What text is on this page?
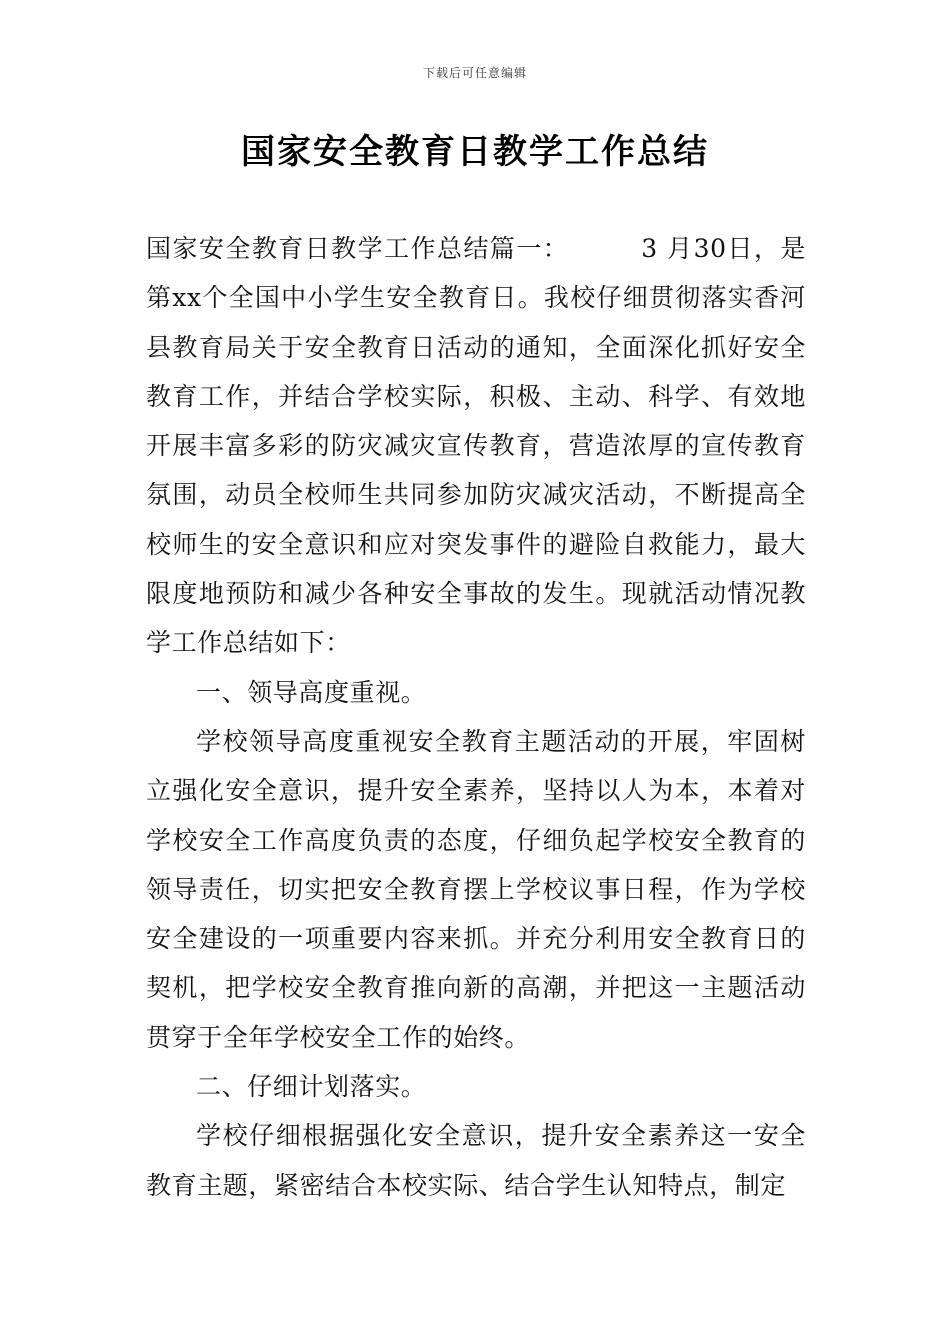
下载后可任意编辑
国家安全教育日教学工作总结

国家安全教育日教学工作总结篇一：	3 月30日，是第xx个全国中小学生安全教育日。我校仔细贯彻落实香河县教育局关于安全教育日活动的通知，全面深化抓好安全教育工作，并结合学校实际，积极、主动、科学、有效地开展丰富多彩的防灾减灾宣传教育，营造浓厚的宣传教育氛围，动员全校师生共同参加防灾减灾活动，不断提高全校师生的安全意识和应对突发事件的避险自救能力，最大限度地预防和减少各种安全事故的发生。现就活动情况教学工作总结如下：

一、领导高度重视。

学校领导高度重视安全教育主题活动的开展，牢固树立强化安全意识，提升安全素养，坚持以人为本，本着对学校安全工作高度负责的态度，仔细负起学校安全教育的领导责任，切实把安全教育摆上学校议事日程，作为学校安全建设的一项重要内容来抓。并充分利用安全教育日的契机，把学校安全教育推向新的高潮，并把这一主题活动贯穿于全年学校安全工作的始终。

二、仔细计划落实。

学校仔细根据强化安全意识，提升安全素养这一安全教育主题，紧密结合本校实际、结合学生认知特点，制定
